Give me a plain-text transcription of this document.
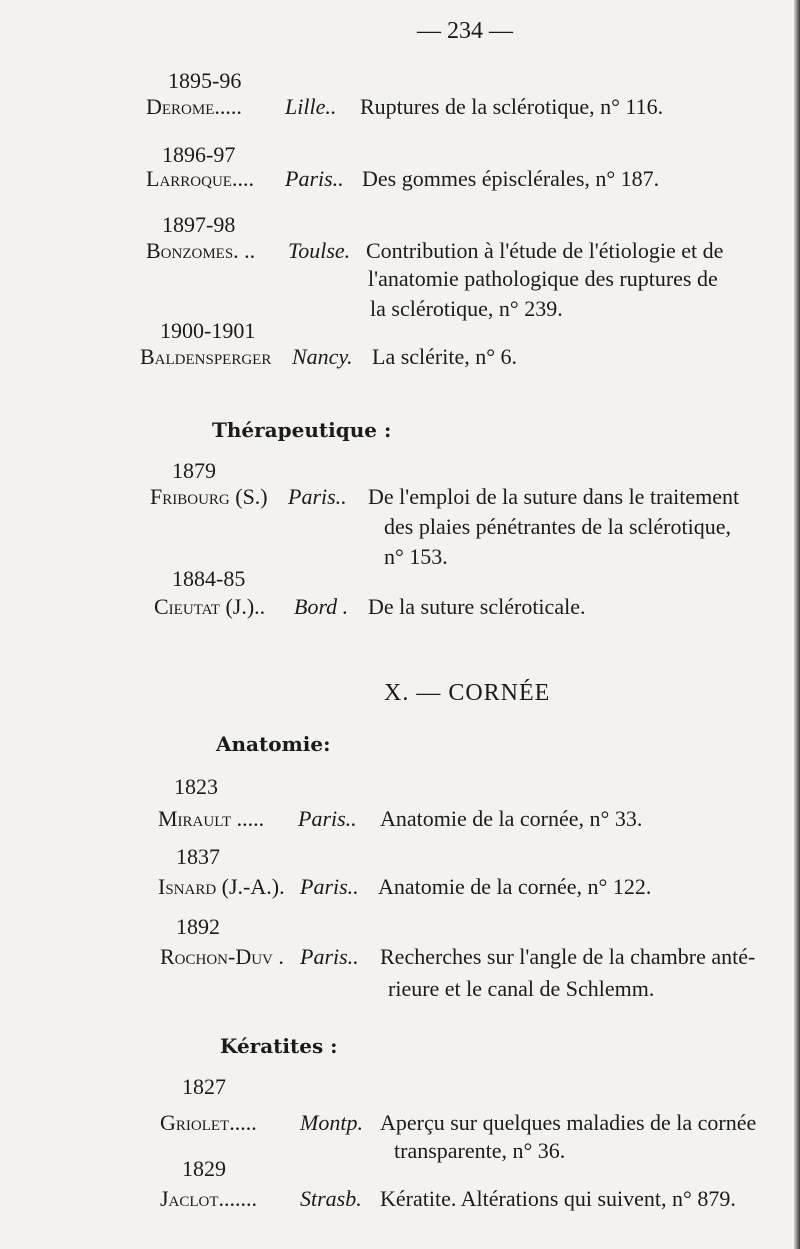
— 234 —
1895-96
Derome..... Lille.. Ruptures de la sclérotique, n° 116.
1896-97
Larroque.... Paris.. Des gommes épisclérales, n° 187.
1897-98
Bonzomes. .. Toulse. Contribution à l'étude de l'étiologie et de
l'anatomie pathologique des ruptures de
la sclérotique, n° 239.
1900-1901
Baldensperger Nancy. La sclérite, n° 6.
Thérapeutique :
1879
Fribourg (S.) Paris.. De l'emploi de la suture dans le traitement
des plaies pénétrantes de la sclérotique,
n° 153.
1884-85
Cieutat (J.).. Bord . De la suture scléroticale.
X. — CORNÉE
Anatomie:
1823
Mirault ..... Paris.. Anatomie de la cornée, n° 33.
1837
Isnard (J.-A.). Paris.. Anatomie de la cornée, n° 122.
1892
Rochon-Duv . Paris.. Recherches sur l'angle de la chambre anté-
rieure et le canal de Schlemm.
Kératites :
1827
Griolet..... Montp. Aperçu sur quelques maladies de la cornée
transparente, n° 36.
1829
Jaclot....... Strasb. Kératite. Altérations qui suivent, n° 879.
